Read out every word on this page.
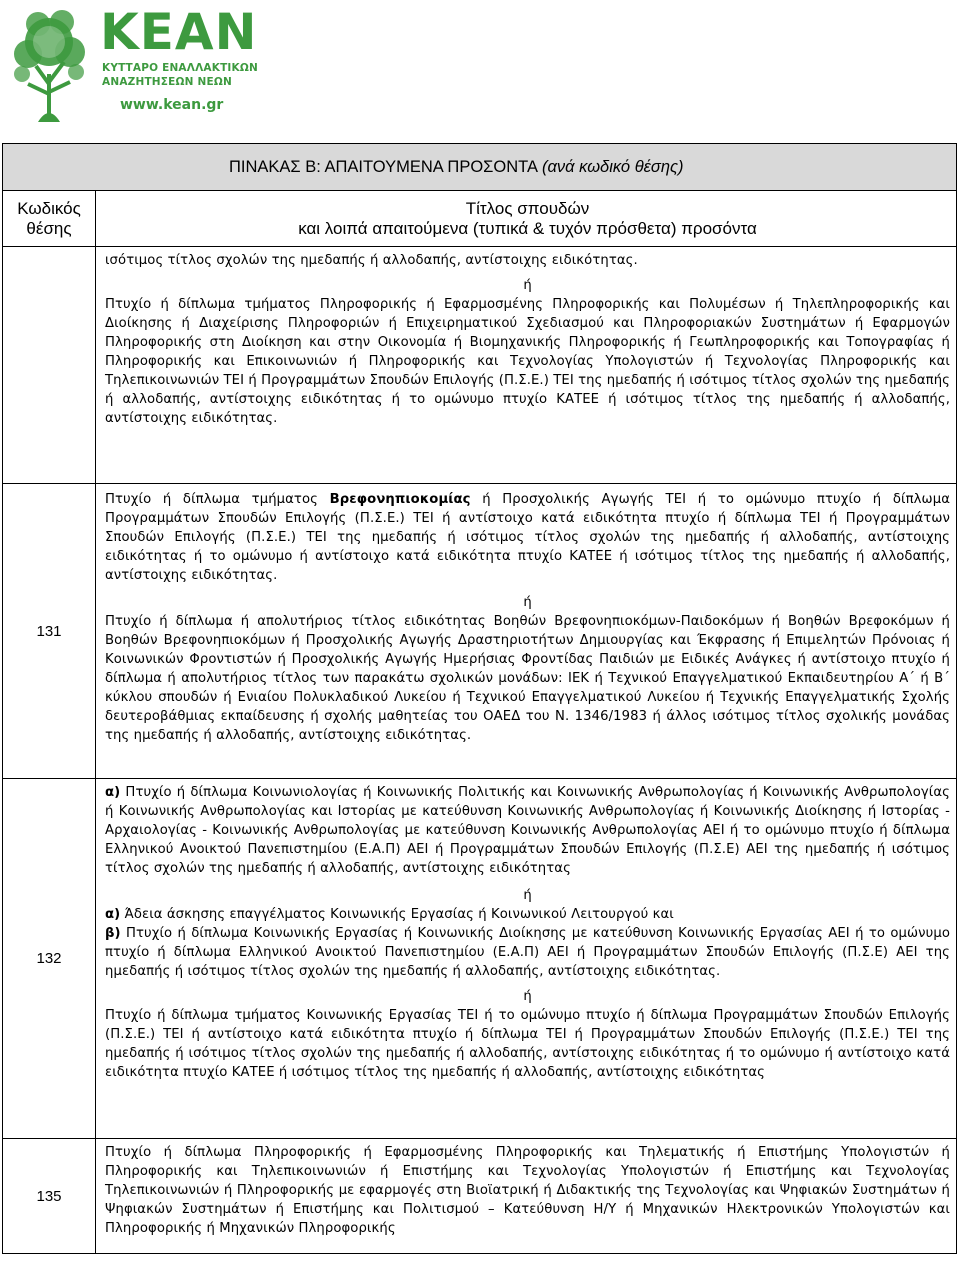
ΚΕΑΝ
ΚΥΤΤΑΡΟ ΕΝΑΛΛΑΚΤΙΚΩΝ
ΑΝΑΖΗΤΗΣΕΩΝ ΝΕΩΝ
www.kean.gr
ΠΙΝΑΚΑΣ Β: ΑΠΑΙΤΟΥΜΕΝΑ ΠΡΟΣΟΝΤΑ (ανά κωδικό θέσης)
Κωδικός θέσης
Τίτλος σπουδών
και λοιπά απαιτούμενα (τυπικά & τυχόν πρόσθετα) προσόντα

ισότιμος τίτλος σχολών της ημεδαπής ή αλλοδαπής, αντίστοιχης ειδικότητας.

ή

Πτυχίο ή δίπλωμα τμήματος Πληροφορικής ή Εφαρμοσμένης Πληροφορικής και Πολυμέσων ή Τηλεπληροφορικής και Διοίκησης ή Διαχείρισης Πληροφοριών ή Επιχειρηματικού Σχεδιασμού και Πληροφοριακών Συστημάτων ή Εφαρμογών Πληροφορικής στη Διοίκηση και στην Οικονομία ή Βιομηχανικής Πληροφορικής ή Γεωπληροφορικής και Τοπογραφίας ή Πληροφορικής και Επικοινωνιών ή Πληροφορικής και Τεχνολογίας Υπολογιστών ή Τεχνολογίας Πληροφορικής και Τηλεπικοινωνιών ΤΕΙ ή Προγραμμάτων Σπουδών Επιλογής (Π.Σ.Ε.) ΤΕΙ της ημεδαπής ή ισότιμος τίτλος σχολών της ημεδαπής ή αλλοδαπής, αντίστοιχης ειδικότητας ή το ομώνυμο πτυχίο ΚΑΤΕΕ ή ισότιμος τίτλος της ημεδαπής ή αλλοδαπής, αντίστοιχης ειδικότητας.

131

Πτυχίο ή δίπλωμα τμήματος Βρεφονηπιοκομίας ή Προσχολικής Αγωγής ΤΕΙ ή το ομώνυμο πτυχίο ή δίπλωμα Προγραμμάτων Σπουδών Επιλογής (Π.Σ.Ε.) ΤΕΙ ή αντίστοιχο κατά ειδικότητα πτυχίο ή δίπλωμα ΤΕΙ ή Προγραμμάτων Σπουδών Επιλογής (Π.Σ.Ε.) ΤΕΙ της ημεδαπής ή ισότιμος τίτλος σχολών της ημεδαπής ή αλλοδαπής, αντίστοιχης ειδικότητας ή το ομώνυμο ή αντίστοιχο κατά ειδικότητα πτυχίο ΚΑΤΕΕ ή ισότιμος τίτλος της ημεδαπής ή αλλοδαπής, αντίστοιχης ειδικότητας.

ή

Πτυχίο ή δίπλωμα ή απολυτήριος τίτλος ειδικότητας Βοηθών Βρεφονηπιοκόμων-Παιδοκόμων ή Βοηθών Βρεφοκόμων ή Βοηθών Βρεφονηπιοκόμων ή Προσχολικής Αγωγής Δραστηριοτήτων Δημιουργίας και Έκφρασης ή Επιμελητών Πρόνοιας ή Κοινωνικών Φροντιστών ή Προσχολικής Αγωγής Ημερήσιας Φροντίδας Παιδιών με Ειδικές Ανάγκες ή αντίστοιχο πτυχίο ή δίπλωμα ή απολυτήριος τίτλος των παρακάτω σχολικών μονάδων: ΙΕΚ ή Τεχνικού Επαγγελματικού Εκπαιδευτηρίου Α΄ ή Β΄ κύκλου σπουδών ή Ενιαίου Πολυκλαδικού Λυκείου ή Τεχνικού Επαγγελματικού Λυκείου ή Τεχνικής Επαγγελματικής Σχολής δευτεροβάθμιας εκπαίδευσης ή σχολής μαθητείας του ΟΑΕΔ του Ν. 1346/1983 ή άλλος ισότιμος τίτλος σχολικής μονάδας της ημεδαπής ή αλλοδαπής, αντίστοιχης ειδικότητας.

132

α) Πτυχίο ή δίπλωμα Κοινωνιολογίας ή Κοινωνικής Πολιτικής και Κοινωνικής Ανθρωπολογίας ή Κοινωνικής Ανθρωπολογίας ή Κοινωνικής Ανθρωπολογίας και Ιστορίας με κατεύθυνση Κοινωνικής Ανθρωπολογίας ή Κοινωνικής Διοίκησης ή Ιστορίας - Αρχαιολογίας - Κοινωνικής Ανθρωπολογίας με κατεύθυνση Κοινωνικής Ανθρωπολογίας ΑΕΙ ή το ομώνυμο πτυχίο ή δίπλωμα Ελληνικού Ανοικτού Πανεπιστημίου (Ε.Α.Π) ΑΕΙ ή Προγραμμάτων Σπουδών Επιλογής (Π.Σ.Ε) ΑΕΙ της ημεδαπής ή ισότιμος τίτλος σχολών της ημεδαπής ή αλλοδαπής, αντίστοιχης ειδικότητας

ή

α) Άδεια άσκησης επαγγέλματος Κοινωνικής Εργασίας ή Κοινωνικού Λειτουργού και

β) Πτυχίο ή δίπλωμα Κοινωνικής Εργασίας ή Κοινωνικής Διοίκησης με κατεύθυνση Κοινωνικής Εργασίας ΑΕΙ ή το ομώνυμο πτυχίο ή δίπλωμα Ελληνικού Ανοικτού Πανεπιστημίου (Ε.Α.Π) ΑΕΙ ή Προγραμμάτων Σπουδών Επιλογής (Π.Σ.Ε) ΑΕΙ της ημεδαπής ή ισότιμος τίτλος σχολών της ημεδαπής ή αλλοδαπής, αντίστοιχης ειδικότητας.

ή

Πτυχίο ή δίπλωμα τμήματος Κοινωνικής Εργασίας ΤΕΙ ή το ομώνυμο πτυχίο ή δίπλωμα Προγραμμάτων Σπουδών Επιλογής (Π.Σ.Ε.) ΤΕΙ ή αντίστοιχο κατά ειδικότητα πτυχίο ή δίπλωμα ΤΕΙ ή Προγραμμάτων Σπουδών Επιλογής (Π.Σ.Ε.) ΤΕΙ της ημεδαπής ή ισότιμος τίτλος σχολών της ημεδαπής ή αλλοδαπής, αντίστοιχης ειδικότητας ή το ομώνυμο ή αντίστοιχο κατά ειδικότητα πτυχίο ΚΑΤΕΕ ή ισότιμος τίτλος της ημεδαπής ή αλλοδαπής, αντίστοιχης ειδικότητας

135

Πτυχίο ή δίπλωμα Πληροφορικής ή Εφαρμοσμένης Πληροφορικής και Τηλεματικής ή Επιστήμης Υπολογιστών ή Πληροφορικής και Τηλεπικοινωνιών ή Επιστήμης και Τεχνολογίας Υπολογιστών ή Επιστήμης και Τεχνολογίας Τηλεπικοινωνιών ή Πληροφορικής με εφαρμογές στη Βιοϊατρική ή Διδακτικής της Τεχνολογίας και Ψηφιακών Συστημάτων ή Ψηφιακών Συστημάτων ή Επιστήμης και Πολιτισμού – Κατεύθυνση Η/Υ ή Μηχανικών Ηλεκτρονικών Υπολογιστών και Πληροφορικής ή Μηχανικών Πληροφορικής
